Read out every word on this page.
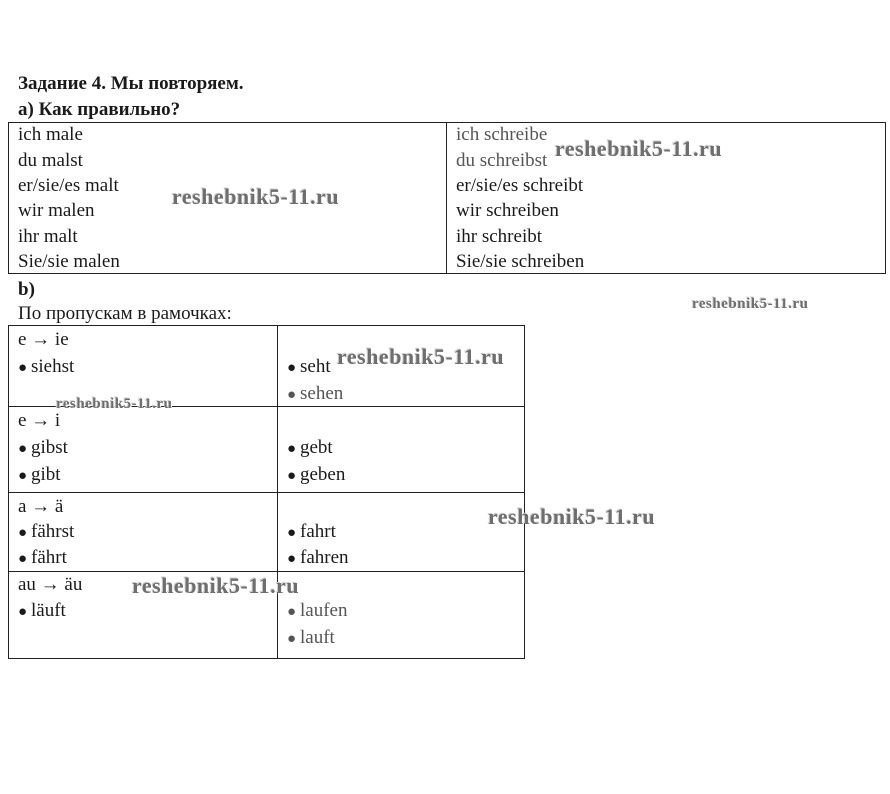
Задание 4. Мы повторяем.
а) Как правильно?
ich male
du malst
er/sie/es malt
wir malen
ihr malt
Sie/sie malen
ich schreibe
du schreibst
er/sie/es schreibt
wir schreiben
ihr schreibt
Sie/sie schreiben
b)
По пропускам в рамочках:
e → ie
● siehst	● seht
● sehen
e → i
● gibst
● gibt
● gebt
● geben
a → ä
● fährst
● fährt
● fahrt
● fahren
au → äu
● läuft	● laufen
● lauft
reshebnik5-11.ru
reshebnik5-11.ru
reshebnik5-11.ru
reshebnik5-11.ru
reshebnik5-11.ru
reshebnik5-11.ru
reshebnik5-11.ru
